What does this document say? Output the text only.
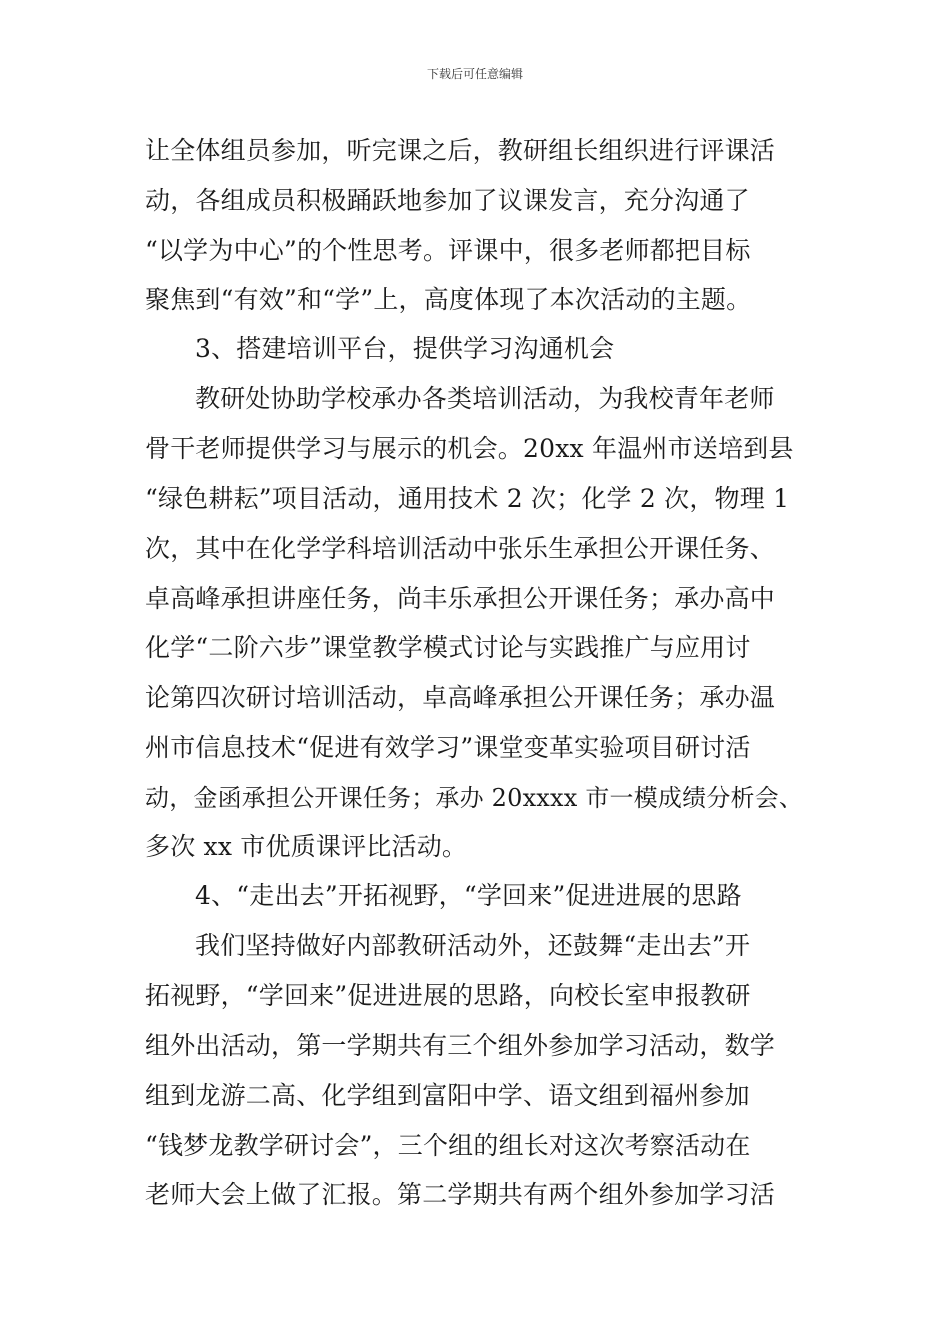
下载后可任意编辑
让全体组员参加，听完课之后，教研组长组织进行评课活
动，各组成员积极踊跃地参加了议课发言，充分沟通了
“以学为中心”的个性思考。评课中，很多老师都把目标
聚焦到“有效”和“学”上，高度体现了本次活动的主题。
3、搭建培训平台，提供学习沟通机会
教研处协助学校承办各类培训活动，为我校青年老师
骨干老师提供学习与展示的机会。20xx 年温州市送培到县
“绿色耕耘”项目活动，通用技术 2 次；化学 2 次，物理 1
次，其中在化学学科培训活动中张乐生承担公开课任务、
卓高峰承担讲座任务，尚丰乐承担公开课任务；承办高中
化学“二阶六步”课堂教学模式讨论与实践推广与应用讨
论第四次研讨培训活动，卓高峰承担公开课任务；承办温
州市信息技术“促进有效学习”课堂变革实验项目研讨活
动，金函承担公开课任务；承办 20xxxx 市一模成绩分析会、
多次 xx 市优质课评比活动。
4、“走出去”开拓视野，“学回来”促进进展的思路
我们坚持做好内部教研活动外，还鼓舞“走出去”开
拓视野，“学回来”促进进展的思路，向校长室申报教研
组外出活动，第一学期共有三个组外参加学习活动，数学
组到龙游二高、化学组到富阳中学、语文组到福州参加
“钱梦龙教学研讨会”，三个组的组长对这次考察活动在
老师大会上做了汇报。第二学期共有两个组外参加学习活
